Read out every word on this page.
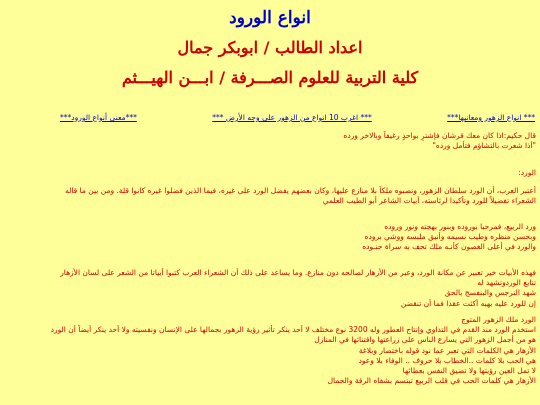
انواع الورود
اعداد الطالب / ابوبكر جمال
كلية التربية للعلوم الصـــرفة / ابـــن الهيـــثم
*** انواع الزهور ومعانيها***
*** اغرب 10 انواع من الزهور على وجه الأرض ***
***معنى أنواع الورود***
قال حكيم:اذا كان معك قرشان فإشترِ بواحدٍ رغيفاً وبالاخر ورده
"أذا شعرت بالتشاؤم فتأمل ورده"
الورد:
أعتبر العرب، أن الورد سلطان الزهور، ونصبوه ملكاً بلا منازع عليها، وكان بعضهم يفضل الورد على غيره، فيما الذين فضلوا غيره كانوا قلة. ومن بين ما قاله
الشعراء تفضيلاً للورد وتأكيدا لرئاسته، أبيات الشاعر أبو الطيب العلمي
ورد الربيع، فمرحبا بوروده وبنور بهجته ونور وروده
وبحسن منظره وطيب نسيمه وأنيق ملبسه ووشي بروده
والورد في أعلى الغصون كأنـه ملك تحف به سراة جنـوده
فهذه الأبيات خير تعبير عن مكانة الورد، وعبر من الأزهار لصالحه دون منازع. وما يساعد على ذلك أن الشعراء العرب كتبوا أبياتا من الشعر على لسان الأزهار
تنابع الوردوتشهد له
شهد النرجس والبنفسج بالحق
إن للورد عليه بهبه أكثت عقدا فما أن تنقضن
الورد ملك الزهور المتوج
استخدم الورد منذ القدم في التداوي وإنتاج العطور وله 3200 نوع مختلف لا أحد ينكر تأثير رؤية الزهور بجمالها على الإنسان ونفسيته ولا أحد ينكر أيضاً أن الورد
هو من أجمل الزهور التي يسارع الناس على زراعتها واقتنائها في المنازل
الأزهار هي الكلمات التي تعبر عما نود قوله باختصار وبلاغة
هي الحب بلا كلمات ..الخطاب بلا حروف .. الوفاء بلا وعود
لا تمل العين رؤيتها ولا تضيق النفس بعطائها
الأزهار هي كلمات الحب في قلب الربيع تبتسم بشفاه الرقة والجمال
